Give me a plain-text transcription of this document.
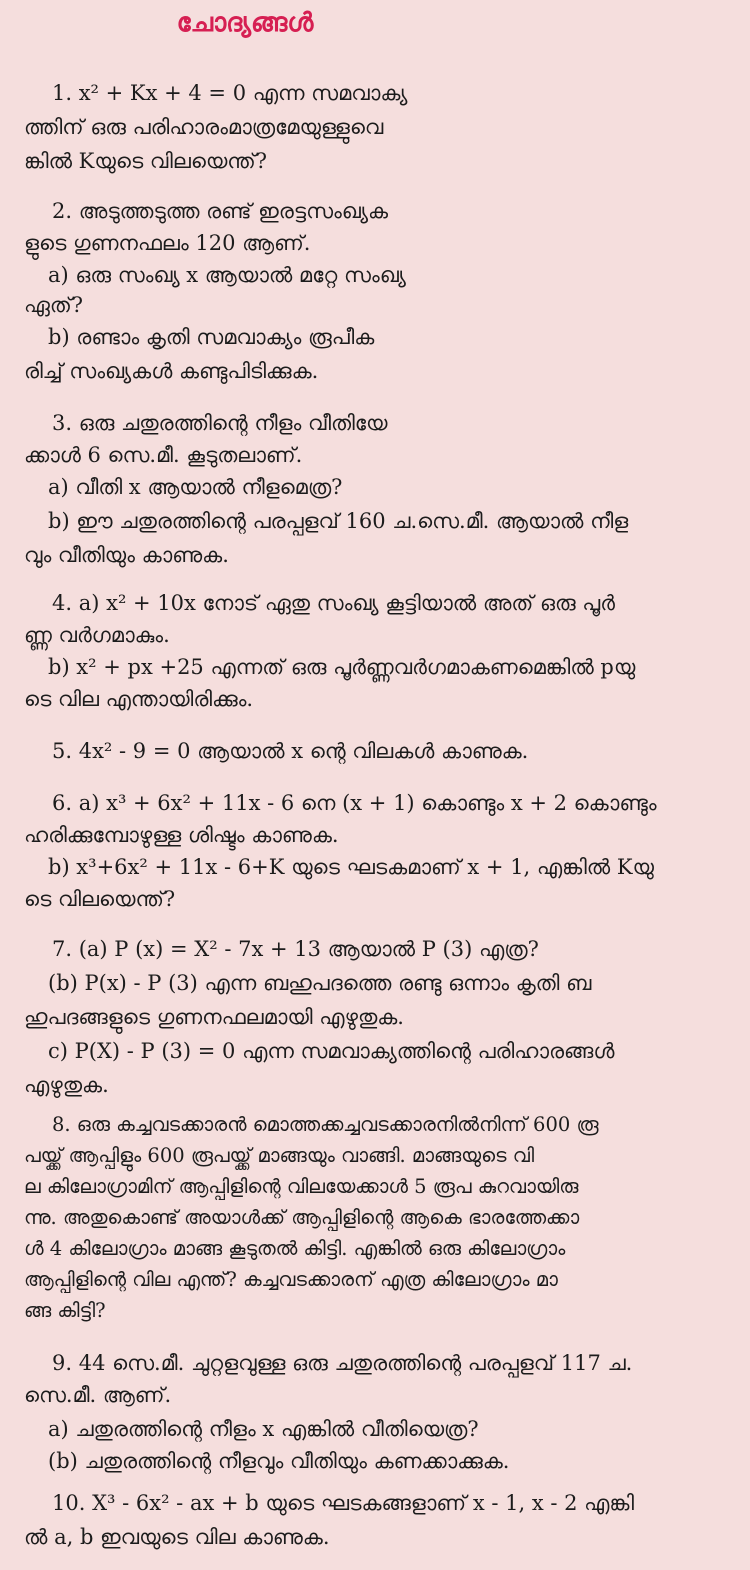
ചോദ്യങ്ങൾ
1. x² + Kx + 4 = 0 എന്ന സമവാക്യ
ത്തിന് ഒരു പരിഹാരംമാത്രമേയുള്ളുവെ
ങ്കിൽ Kയുടെ വിലയെന്ത്?
2. അടുത്തടുത്ത രണ്ട് ഇരട്ടസംഖ്യക
ളുടെ ഗുണനഫലം 120 ആണ്.
a) ഒരു സംഖ്യ x ആയാൽ മറ്റേ സംഖ്യ
ഏത്?
b) രണ്ടാം കൃതി സമവാക്യം രൂപീക
രിച്ച് സംഖ്യകൾ കണ്ടുപിടിക്കുക.
3. ഒരു ചതുരത്തിന്റെ നീളം വീതിയേ
ക്കാൾ 6 സെ.മീ. കൂടുതലാണ്.
a) വീതി x ആയാൽ നീളമെത്ര?
b) ഈ ചതുരത്തിന്റെ പരപ്പളവ് 160 ച.സെ.മീ. ആയാൽ നീള
വും വീതിയും കാണുക.
4. a) x² + 10x നോട് ഏതു സംഖ്യ കൂട്ടിയാൽ അത് ഒരു പൂർ
ണ്ണ വർഗമാകും.
b) x² + px +25 എന്നത് ഒരു പൂർണ്ണവർഗമാകണമെങ്കിൽ pയു
ടെ വില എന്തായിരിക്കും.
5. 4x² - 9 = 0 ആയാൽ x ന്റെ വിലകൾ കാണുക.
6. a) x³ + 6x² + 11x - 6 നെ (x + 1) കൊണ്ടും x + 2 കൊണ്ടും
ഹരിക്കുമ്പോഴുള്ള ശിഷ്ടം കാണുക.
b) x³+6x² + 11x - 6+K യുടെ ഘടകമാണ് x + 1, എങ്കിൽ Kയു
ടെ വിലയെന്ത്?
7. (a) P (x) = X² - 7x + 13 ആയാൽ P (3) എത്ര?
(b) P(x) - P (3) എന്ന ബഹുപദത്തെ രണ്ടു ഒന്നാം കൃതി ബ
ഹുപദങ്ങളുടെ ഗുണനഫലമായി എഴുതുക.
c) P(X) - P (3) = 0 എന്ന സമവാക്യത്തിന്റെ പരിഹാരങ്ങൾ
എഴുതുക.
8. ഒരു കച്ചവടക്കാരൻ മൊത്തക്കച്ചവടക്കാരനിൽനിന്ന് 600 രൂ
പയ്ക്ക് ആപ്പിളും 600 രൂപയ്ക്ക് മാങ്ങയും വാങ്ങി. മാങ്ങയുടെ വി
ല കിലോഗ്രാമിന് ആപ്പിളിന്റെ വിലയേക്കാൾ 5 രൂപ കുറവായിരു
ന്നു. അതുകൊണ്ട് അയാൾക്ക് ആപ്പിളിന്റെ ആകെ ഭാരത്തേക്കാ
ൾ 4 കിലോഗ്രാം മാങ്ങ കൂടുതൽ കിട്ടി. എങ്കിൽ ഒരു കിലോഗ്രാം
ആപ്പിളിന്റെ വില എന്ത്? കച്ചവടക്കാരന് എത്ര കിലോഗ്രാം മാ
ങ്ങ കിട്ടി?
9. 44 സെ.മീ. ചുറ്റളവുള്ള ഒരു ചതുരത്തിന്റെ പരപ്പളവ് 117 ച.
സെ.മീ. ആണ്.
a) ചതുരത്തിന്റെ നീളം x എങ്കിൽ വീതിയെത്ര?
(b) ചതുരത്തിന്റെ നീളവും വീതിയും കണക്കാക്കുക.
10. X³ - 6x² - ax + b യുടെ ഘടകങ്ങളാണ് x - 1, x - 2 എങ്കി
ൽ a, b ഇവയുടെ വില കാണുക.
